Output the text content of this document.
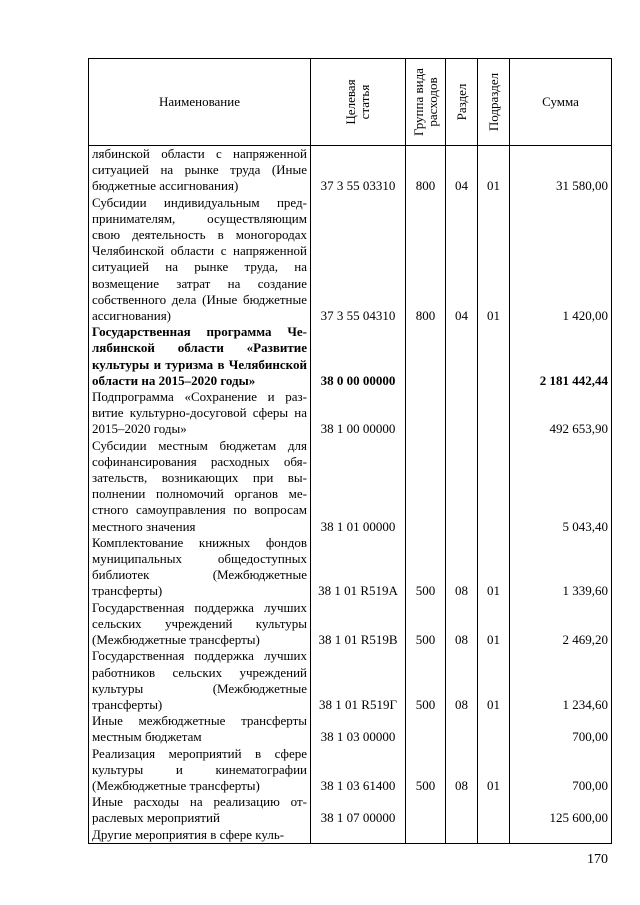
Наименование	Целевая статья	Группа вида расходов	Раздел	Подраздел	Сумма
лябинской области с напряженной ситуацией на рынке труда (Иные бюджетные ассигнования)	37 3 55 03310	800	04	01	31 580,00
Субсидии индивидуальным предпринимателям, осуществляющим свою деятельность в моногородах Челябинской области с напряженной ситуацией на рынке труда, на возмещение затрат на создание собственного дела (Иные бюджетные ассигнования)	37 3 55 04310	800	04	01	1 420,00
Государственная программа Челябинской области «Развитие культуры и туризма в Челябинской области на 2015–2020 годы»	38 0 00 00000				2 181 442,44
Подпрограмма «Сохранение и развитие культурно-досуговой сферы на 2015–2020 годы»	38 1 00 00000				492 653,90
Субсидии местным бюджетам для софинансирования расходных обязательств, возникающих при выполнении полномочий органов местного самоуправления по вопросам местного значения	38 1 01 00000				5 043,40
Комплектование книжных фондов муниципальных общедоступных библиотек (Межбюджетные трансферты)	38 1 01 R519A	500	08	01	1 339,60
Государственная поддержка лучших сельских учреждений культуры (Межбюджетные трансферты)	38 1 01 R519B	500	08	01	2 469,20
Государственная поддержка лучших работников сельских учреждений культуры (Межбюджетные трансферты)	38 1 01 R519Г	500	08	01	1 234,60
Иные межбюджетные трансферты местным бюджетам	38 1 03 00000				700,00
Реализация мероприятий в сфере культуры и кинематографии (Межбюджетные трансферты)	38 1 03 61400	500	08	01	700,00
Иные расходы на реализацию отраслевых мероприятий	38 1 07 00000				125 600,00
Другие мероприятия в сфере куль-					
170
